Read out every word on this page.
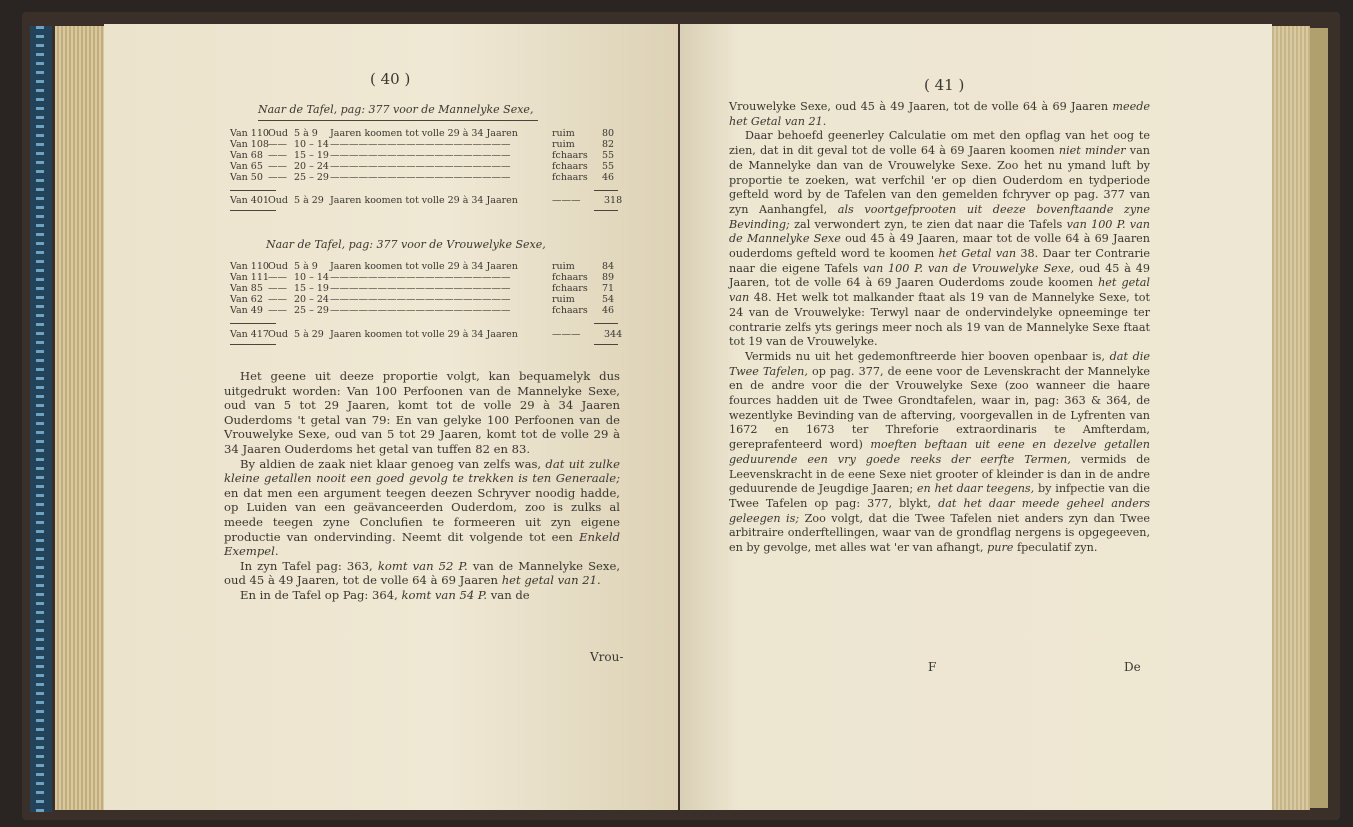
( 40 )
Naar de Tafel, pag: 377 voor de Mannelyke Sexe,
Van 110 Oud 5 à 9 Jaaren koomen tot volle 29 à 34 Jaaren	ruim	80
Van 108 —— 10 – 14 ———————————————————	ruim	82
Van 68 —— 15 – 19 ———————————————————	fchaars 55
Van 65 —— 20 – 24 ———————————————————	fchaars 55
Van 50 —— 25 – 29 ———————————————————	fchaars 46
Van 401 Oud 5 à 29 Jaaren koomen tot volle 29 à 34 Jaaren	——— 318
Naar de Tafel, pag: 377 voor de Vrouwelyke Sexe,
Van 110 Oud 5 à 9 Jaaren koomen tot volle 29 à 34 Jaaren	ruim	84
Van 111 —— 10 – 14 ———————————————————	fchaars 89
Van 85 —— 15 – 19 ———————————————————	fchaars 71
Van 62 —— 20 – 24 ———————————————————	ruim	54
Van 49 —— 25 – 29 ———————————————————	fchaars 46
Van 417 Oud 5 à 29 Jaaren koomen tot volle 29 à 34 Jaaren	——— 344

Het geene uit deeze proportie volgt, kan bequamelyk dus uitgedrukt worden: Van 100 Perfoonen van de Mannelyke Sexe, oud van 5 tot 29 Jaaren, komt tot de volle 29 à 34 Jaaren Ouderdoms 't getal van 79: En van gelyke 100 Perfoonen van de Vrouwelyke Sexe, oud van 5 tot 29 Jaaren, komt tot de volle 29 à 34 Jaaren Ouderdoms het getal van tuffen 82 en 83.

By aldien de zaak niet klaar genoeg van zelfs was, dat uit zulke kleine getallen nooit een goed gevolg te trekken is ten Generaale; en dat men een argument teegen deezen Schryver noodig hadde, op Luiden van een geävanceerden Ouderdom, zoo is zulks al meede teegen zyne Conclufien te formeeren uit zyn eigene productie van ondervinding. Neemt dit volgende tot een Enkeld Exempel.

In zyn Tafel pag: 363, komt van 52 P. van de Mannelyke Sexe, oud 45 à 49 Jaaren, tot de volle 64 à 69 Jaaren het getal van 21.

En in de Tafel op Pag: 364, komt van 54 P. van de

Vrou-
( 41 )

Vrouwelyke Sexe, oud 45 à 49 Jaaren, tot de volle 64 à 69 Jaaren meede het Getal van 21.

Daar behoefd geenerley Calculatie om met den opflag van het oog te zien, dat in dit geval tot de volle 64 à 69 Jaaren koomen niet minder van de Mannelyke dan van de Vrouwelyke Sexe. Zoo het nu ymand luft by proportie te zoeken, wat verfchil 'er op dien Ouderdom en tydperiode gefteld word by de Tafelen van den gemelden fchryver op pag. 377 van zyn Aanhangfel, als voortgefprooten uit deeze bovenftaande zyne Bevinding; zal verwondert zyn, te zien dat naar die Tafels van 100 P. van de Mannelyke Sexe oud 45 à 49 Jaaren, maar tot de volle 64 à 69 Jaaren ouderdoms gefteld word te koomen het Getal van 38. Daar ter Contrarie naar die eigene Tafels van 100 P. van de Vrouwelyke Sexe, oud 45 à 49 Jaaren, tot de volle 64 à 69 Jaaren Ouderdoms zoude koomen het getal van 48. Het welk tot malkander ftaat als 19 van de Mannelyke Sexe, tot 24 van de Vrouwelyke: Terwyl naar de ondervindelyke opneeminge ter contrarie zelfs yts gerings meer noch als 19 van de Mannelyke Sexe ftaat tot 19 van de Vrouwelyke.

Vermids nu uit het gedemonftreerde hier booven openbaar is, dat die Twee Tafelen, op pag. 377, de eene voor de Levenskracht der Mannelyke en de andre voor die der Vrouwelyke Sexe (zoo wanneer die haare fources hadden uit de Twee Grondtafelen, waar in, pag: 363 & 364, de wezentlyke Bevinding van de afterving, voorgevallen in de Lyfrenten van 1672 en 1673 ter Threforie extraordinaris te Amfterdam, gereprafenteerd word) moeften beftaan uit eene en dezelve getallen geduurende een vry goede reeks der eerfte Termen, vermids de Leevenskracht in de eene Sexe niet grooter of kleinder is dan in de andre geduurende de Jeugdige Jaaren; en het daar teegens, by infpectie van die Twee Tafelen op pag: 377, blykt, dat het daar meede geheel anders geleegen is; Zoo volgt, dat die Twee Tafelen niet anders zyn dan Twee arbitraire onderftellingen, waar van de grondflag nergens is opgegeeven, en by gevolge, met alles wat 'er van afhangt, pure fpeculatif zyn.

F	De
